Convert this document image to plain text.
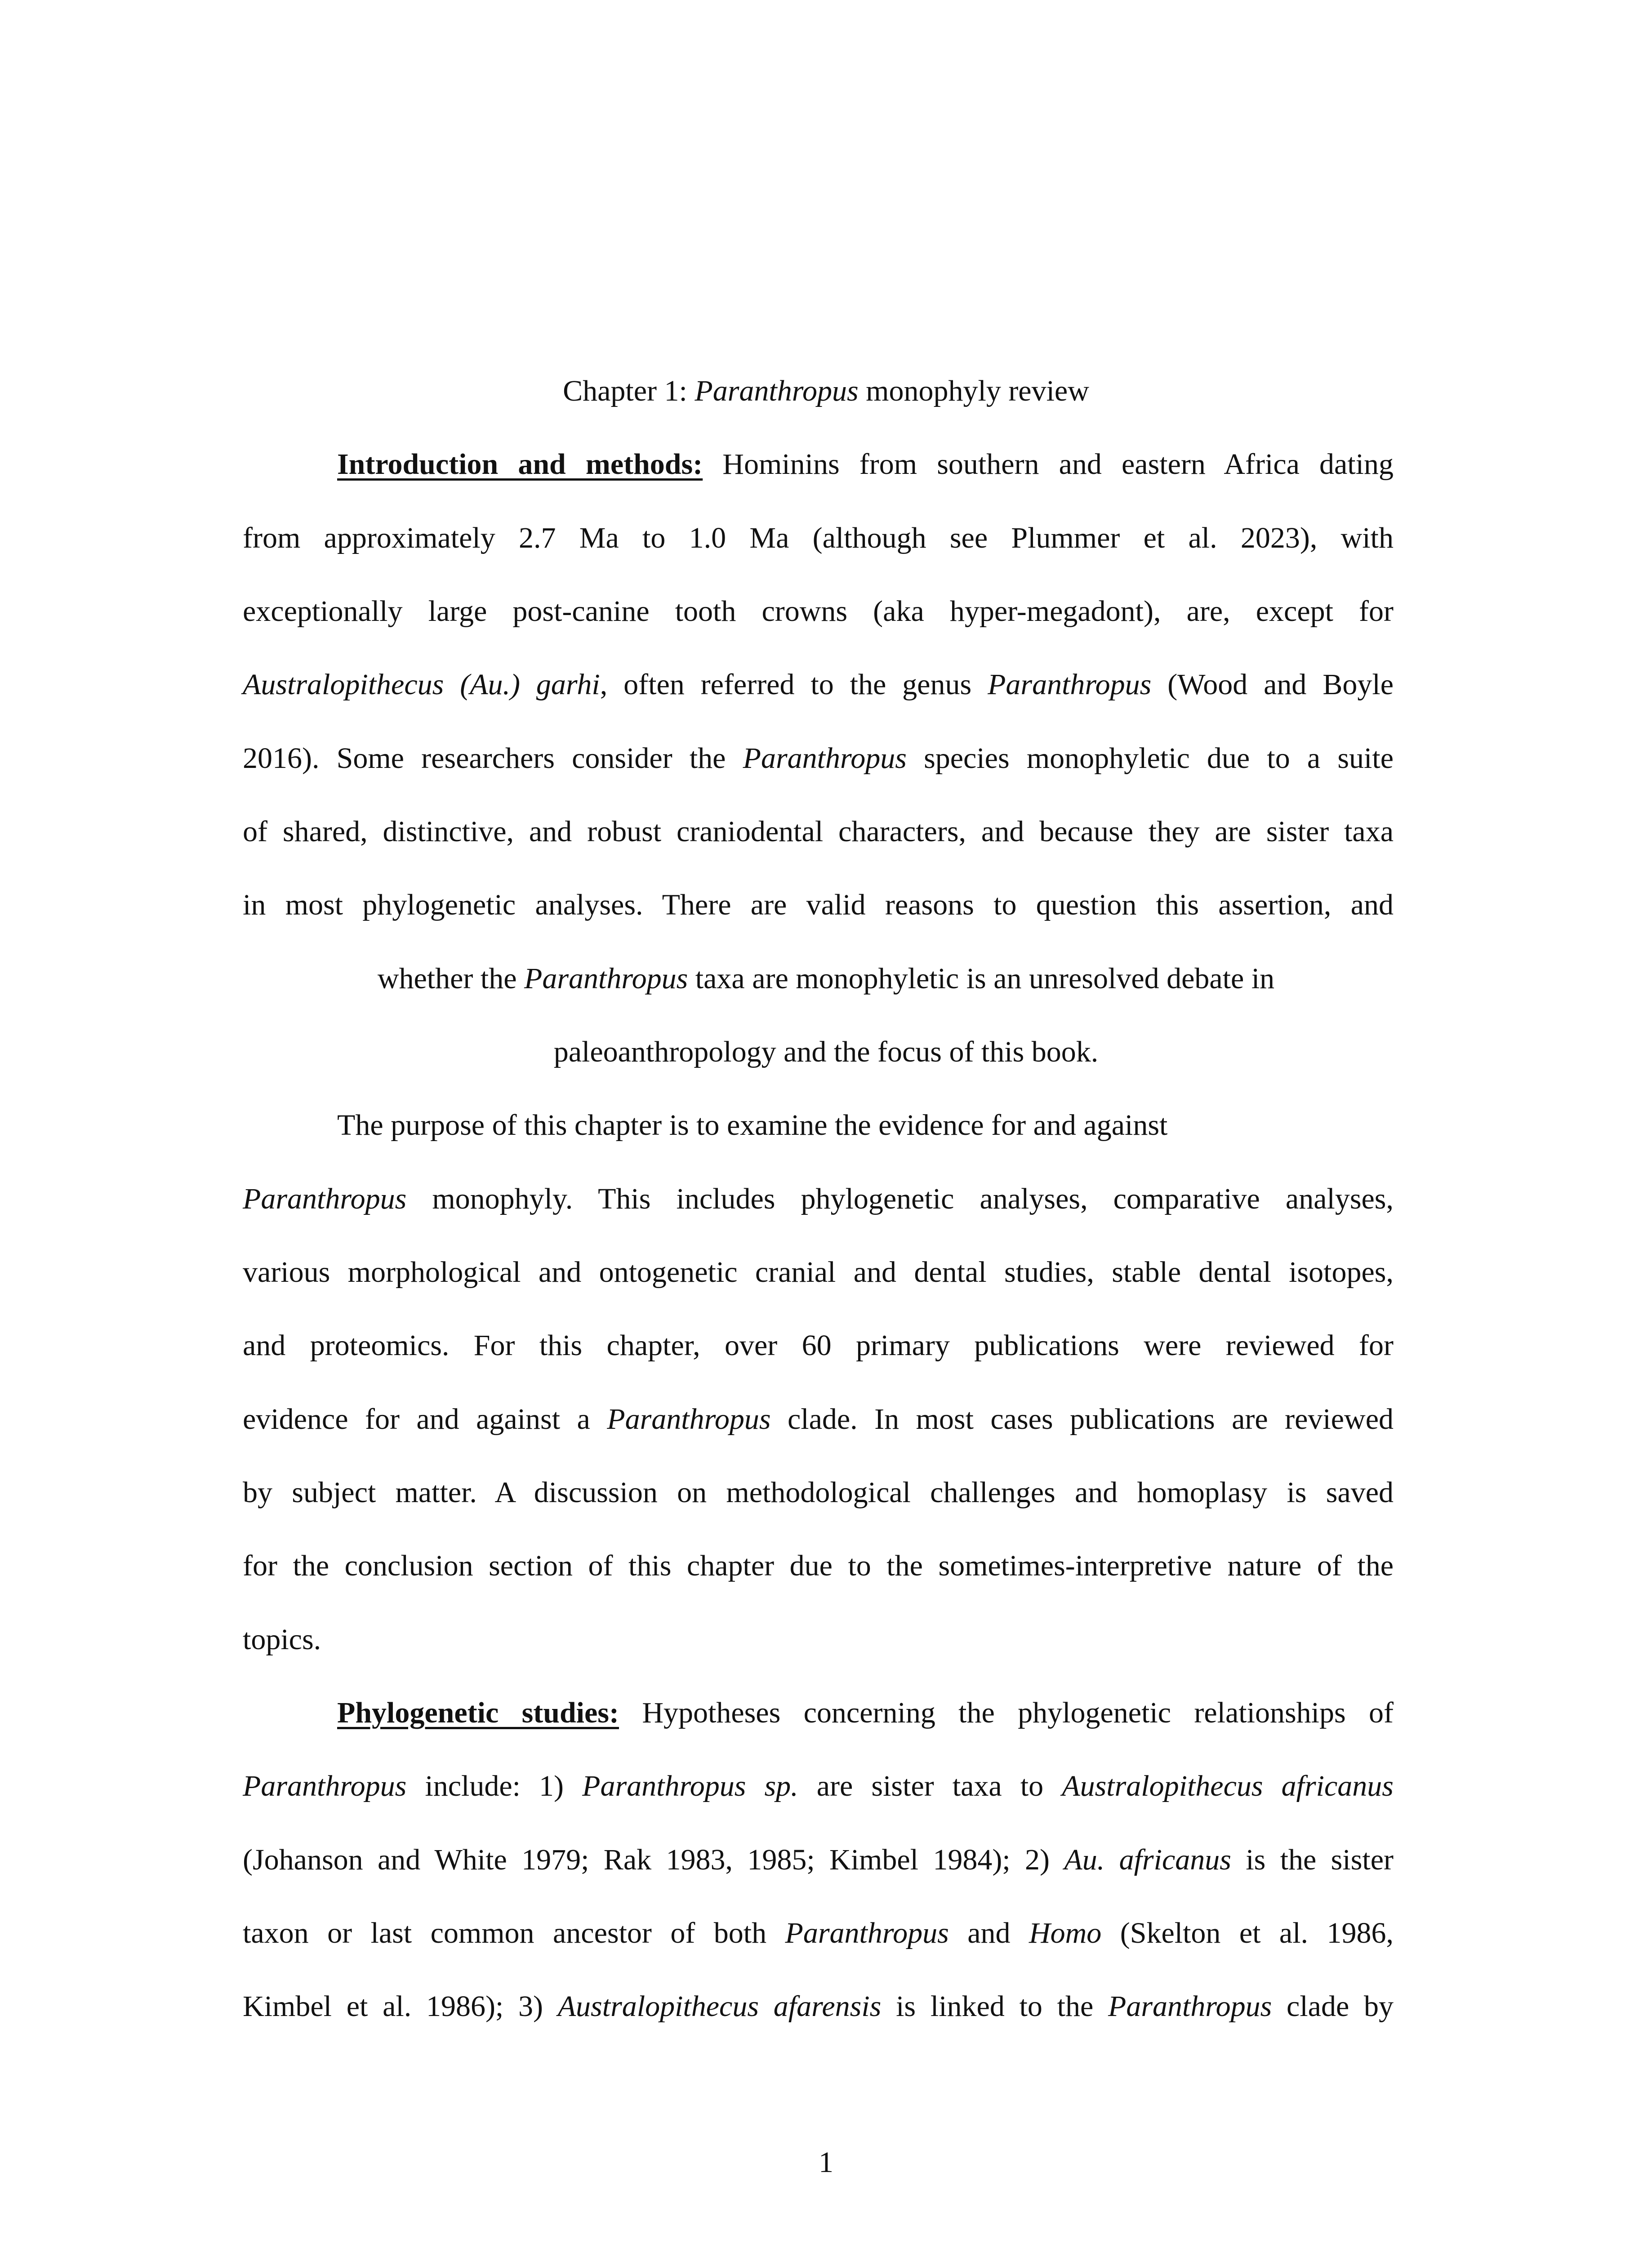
Chapter 1: Paranthropus monophyly review
Introduction and methods: Hominins from southern and eastern Africa dating
from approximately 2.7 Ma to 1.0 Ma (although see Plummer et al. 2023), with
exceptionally large post-canine tooth crowns (aka hyper-megadont), are, except for
Australopithecus (Au.) garhi, often referred to the genus Paranthropus (Wood and Boyle
2016). Some researchers consider the Paranthropus species monophyletic due to a suite
of shared, distinctive, and robust craniodental characters, and because they are sister taxa
in most phylogenetic analyses. There are valid reasons to question this assertion, and
whether the Paranthropus taxa are monophyletic is an unresolved debate in
paleoanthropology and the focus of this book.
The purpose of this chapter is to examine the evidence for and against
Paranthropus monophyly. This includes phylogenetic analyses, comparative analyses,
various morphological and ontogenetic cranial and dental studies, stable dental isotopes,
and proteomics. For this chapter, over 60 primary publications were reviewed for
evidence for and against a Paranthropus clade. In most cases publications are reviewed
by subject matter. A discussion on methodological challenges and homoplasy is saved
for the conclusion section of this chapter due to the sometimes-interpretive nature of the
topics.
Phylogenetic studies: Hypotheses concerning the phylogenetic relationships of
Paranthropus include: 1) Paranthropus sp. are sister taxa to Australopithecus africanus
(Johanson and White 1979; Rak 1983, 1985; Kimbel 1984); 2) Au. africanus is the sister
taxon or last common ancestor of both Paranthropus and Homo (Skelton et al. 1986,
Kimbel et al. 1986); 3) Australopithecus afarensis is linked to the Paranthropus clade by
1
